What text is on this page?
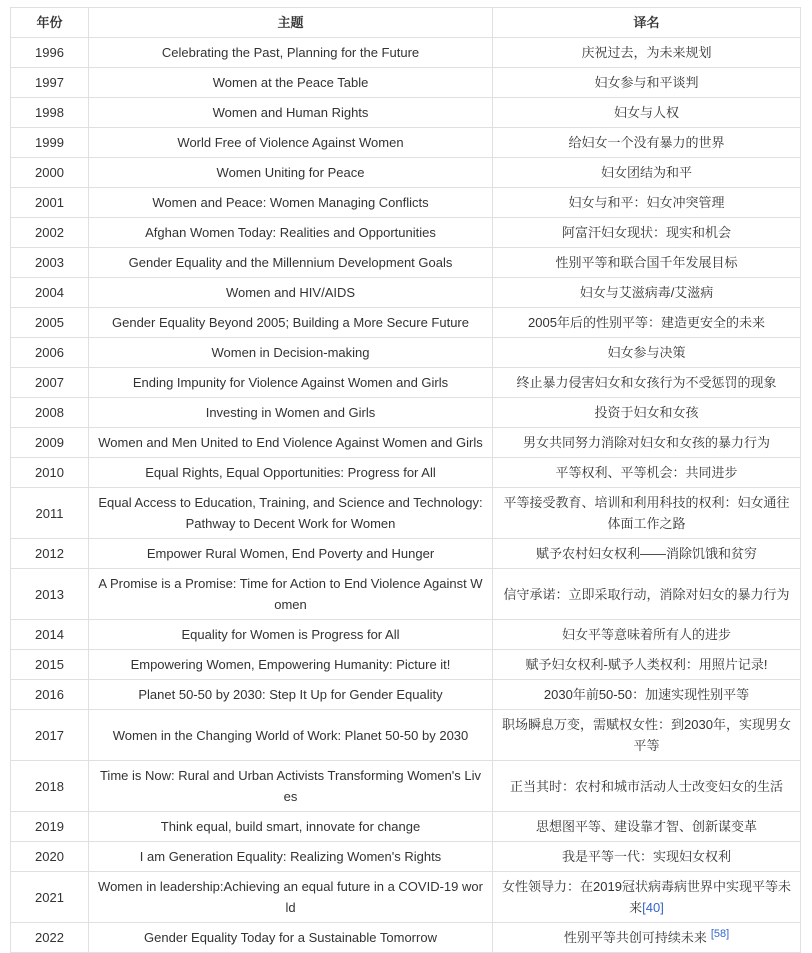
年份	主题	译名
1996	Celebrating the Past, Planning for the Future	庆祝过去，为未来规划
1997	Women at the Peace Table	妇女参与和平谈判
1998	Women and Human Rights	妇女与人权
1999	World Free of Violence Against Women	给妇女一个没有暴力的世界
2000	Women Uniting for Peace	妇女团结为和平
2001	Women and Peace: Women Managing Conflicts	妇女与和平：妇女冲突管理
2002	Afghan Women Today: Realities and Opportunities	阿富汗妇女现状：现实和机会
2003	Gender Equality and the Millennium Development Goals	性别平等和联合国千年发展目标
2004	Women and HIV/AIDS	妇女与艾滋病毒/艾滋病
2005	Gender Equality Beyond 2005; Building a More Secure Future	2005年后的性别平等：建造更安全的未来
2006	Women in Decision-making	妇女参与决策
2007	Ending Impunity for Violence Against Women and Girls	终止暴力侵害妇女和女孩行为不受惩罚的现象
2008	Investing in Women and Girls	投资于妇女和女孩
2009	Women and Men United to End Violence Against Women and Girls	男女共同努力消除对妇女和女孩的暴力行为
2010	Equal Rights, Equal Opportunities: Progress for All	平等权利、平等机会：共同进步
2011	Equal Access to Education, Training, and Science and Technology: Pathway to Decent Work for Women	平等接受教育、培训和利用科技的权利：妇女通往体面工作之路
2012	Empower Rural Women, End Poverty and Hunger	赋予农村妇女权利——消除饥饿和贫穷
2013	A Promise is a Promise: Time for Action to End Violence Against Women	信守承诺：立即采取行动，消除对妇女的暴力行为
2014	Equality for Women is Progress for All	妇女平等意味着所有人的进步
2015	Empowering Women, Empowering Humanity: Picture it!	赋予妇女权利-赋予人类权利：用照片记录!
2016	Planet 50-50 by 2030: Step It Up for Gender Equality	2030年前50-50：加速实现性别平等
2017	Women in the Changing World of Work: Planet 50-50 by 2030	职场瞬息万变，需赋权女性：到2030年，实现男女平等
2018	Time is Now: Rural and Urban Activists Transforming Women's Lives	正当其时：农村和城市活动人士改变妇女的生活
2019	Think equal, build smart, innovate for change	思想图平等、建设靠才智、创新谋变革
2020	I am Generation Equality: Realizing Women's Rights	我是平等一代：实现妇女权利
2021	Women in leadership:Achieving an equal future in a COVID-19 world	女性领导力：在2019冠状病毒病世界中实现平等未来[40]
2022	Gender Equality Today for a Sustainable Tomorrow	性别平等共创可持续未来 [58]
